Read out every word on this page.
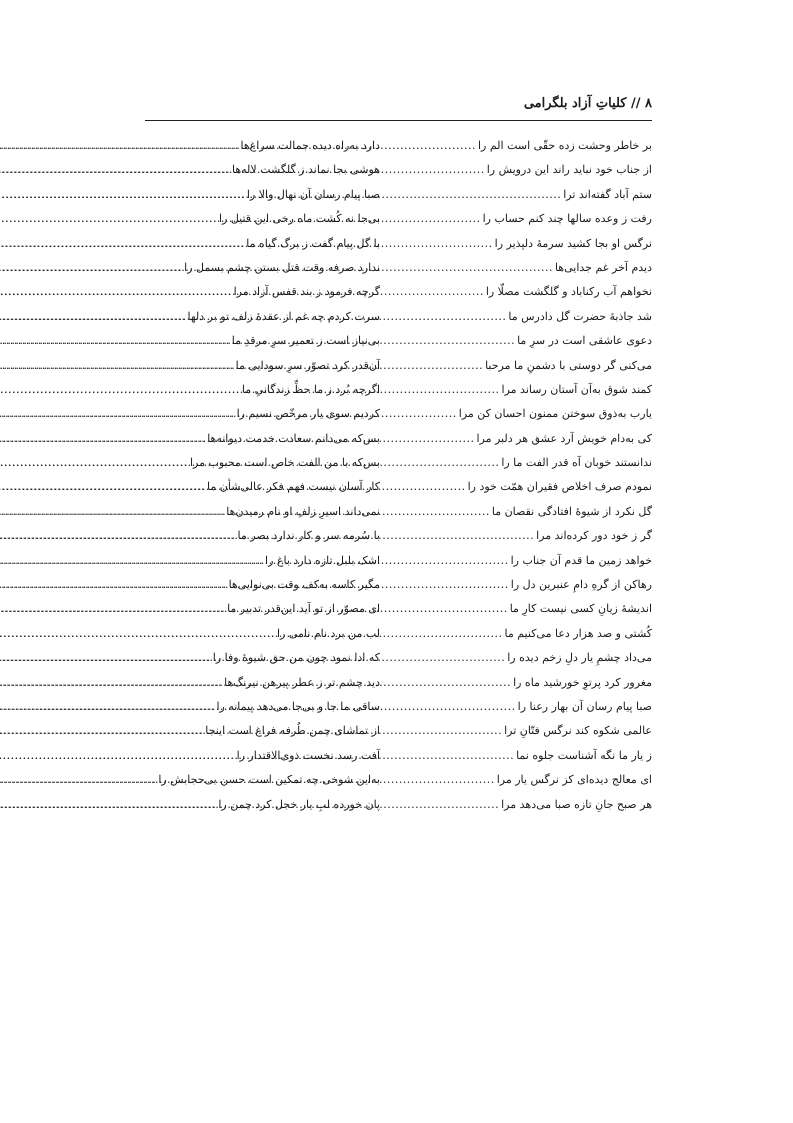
۸ // کلیاتِ آزاد بلگرامی
بر خاطر وحشت زده حقّی است الم را
.....
از جناب خود نباید راند این درویش را
.....
ستم آباد گفته‌اند ترا
.....
رفت ز وعده سالها چند کنم حساب را
.....
نرگس او بجا کشید سرمهٔ دلپذیر را
.....
دیدم آخر غم جدایی‌ها
.....
نخواهم آب رکناباد و گلگشت مصلّا را
.....
شد جاذبهٔ حضرت گل دادرس ما
.....
دعوی عاشقی است در سرِ ما
.....
می‌کنی گر دوستی با دشمنِ ما مرحبا
.....
کمند شوق به‌آن آستان رساند مرا
.....
یارب به‌ذوق سوختن ممنون احسان کن مرا
.....
کی به‌دام خویش آرد عشق هر دلبر مرا
.....
ندانستند خوبان آه قدر الفت ما را
.....
نمودم صرف اخلاص فقیران همّت خود را
.....
گل نکرد از شیوهٔ افتادگی نقصان ما
.....
گر ز خود دور کرده‌اند مرا
.....
خواهد زمین ما قدم آن جناب را
.....
رهاکن از گرهِ دامِ عنبرین دل را
.....
اندیشهٔ زیانِ کسی نیست کارِ ما
.....
کُشتی و صد هزار دعا می‌کنیم ما
.....
می‌داد چشمِ یار دلِ زخم دیده را
.....
مغرور کرد پرتوِ خورشید ماه را
.....
صبا پیام رسان آن بهار رعنا را
.....
عالمی شکوه کند نرگس فتّانِ ترا
.....
ز یار ما نگه آشناست جلوه نما
.....
ای معالج دیده‌ای کز نرگس یار مرا
.....
هر صبح جانِ تازه صبا می‌دهد مرا
.....
دارد به‌راه دیده جمالت سراغ‌ها
.....
هوشی بجا نماند ز گلگشت لاله‌ها
.....
صبا پیام رسان آن نهال والا را
.....
بی‌جا نه کُشت ماه رخی این قتیل را
.....
با گل پیام گفت ز برگ گیاه ما
.....
ندارد صرفه وقت قتل بستن چشم بسمل را
.....
گرچه فرمود ز بند قفس آزاد مرا
.....
سرت کردم چه غم از عقدهٔ زلف تو بر دلها
.....
بی‌نیاز است ز تعمیر سرِ مرقدِ ما
.....
آن‌قدر کرد تصوّر سرِ سودایی ما
.....
اگرچه بُرد ز ما حظِّ زندگانیِ ما
.....
کردیم سوی یار مرخّص نسیم را
.....
بس‌که می‌دانم سعادت خدمت دیوانه‌ها
.....
بس‌که با من الفت خاص است محبوب مرا
.....
کار آسان نیست فهم فکر عالی‌شأن ما
.....
نمی‌داند اسیرِ زلفِ او نام رمیدن‌ها
.....
با سُرمه سر و کار ندارد بصر ما
.....
اشک بلبل تازه دارد باغ را
.....
مگیر کاسه به‌کف وقت بی‌نوایی‌ها
.....
ای مصوّر از تو آید این‌قدر تدبیر ما
.....
لب من برد نام نامی را
.....
که ادا نمود چون من حق شیوهٔ وفا را
.....
دید چشم تر ز عطر پیرهن نیرنگ‌ها
.....
ساقی ما جا و بی‌جا می‌دهد پیمانه را
.....
از تماشای چمن طُرفه فراغ است اینجا
.....
آفت رسد نخست ذوی‌الاقتدار را
.....
به‌این شوخی چه تمکین است حسن بی‌حجابش را
.....
پان خورده لبِ یار خجل کرد چمن را
.....
